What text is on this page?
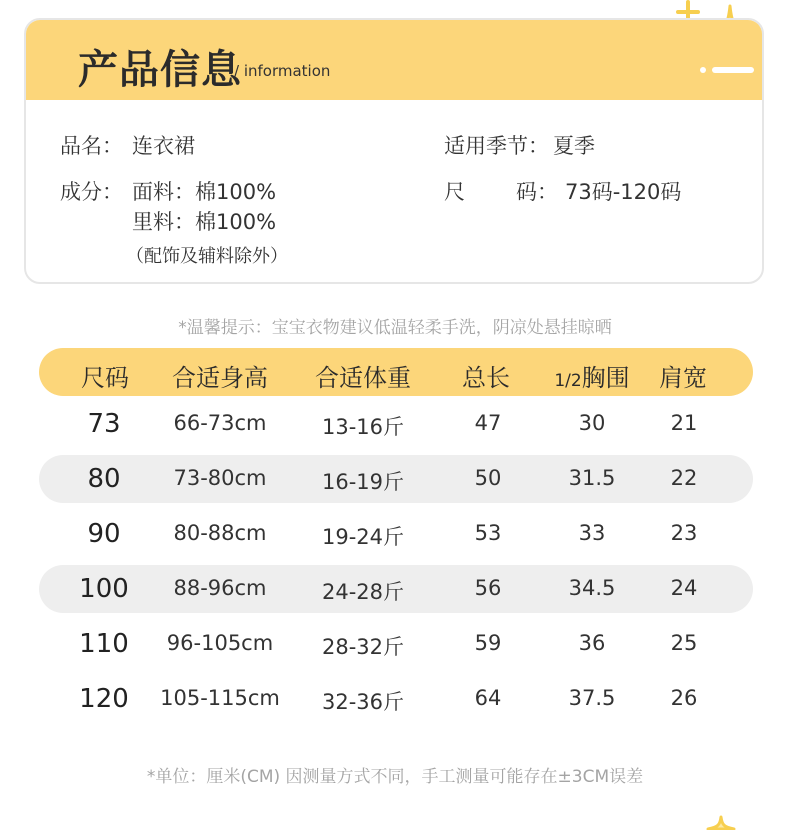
产品信息
/ information
品名： 连衣裙	适用季节： 夏季
成分： 面料：棉100%
里料：棉100%
（配饰及辅料除外）
尺 码： 73码-120码
*温馨提示：宝宝衣物建议低温轻柔手洗，阴凉处悬挂晾晒
尺码 合适身高 合适体重 总长	1/2胸围 肩宽
73	66-73cm	13-16斤	47	30	21
80	73-80cm	16-19斤	50	31.5	22
90	80-88cm	19-24斤	53	33	23
100 88-96cm	24-28斤	56	34.5	24
110 96-105cm 28-32斤	59	36	25
120 105-115cm 32-36斤	64	37.5	26
*单位：厘米(CM) 因测量方式不同，手工测量可能存在±3CM误差
